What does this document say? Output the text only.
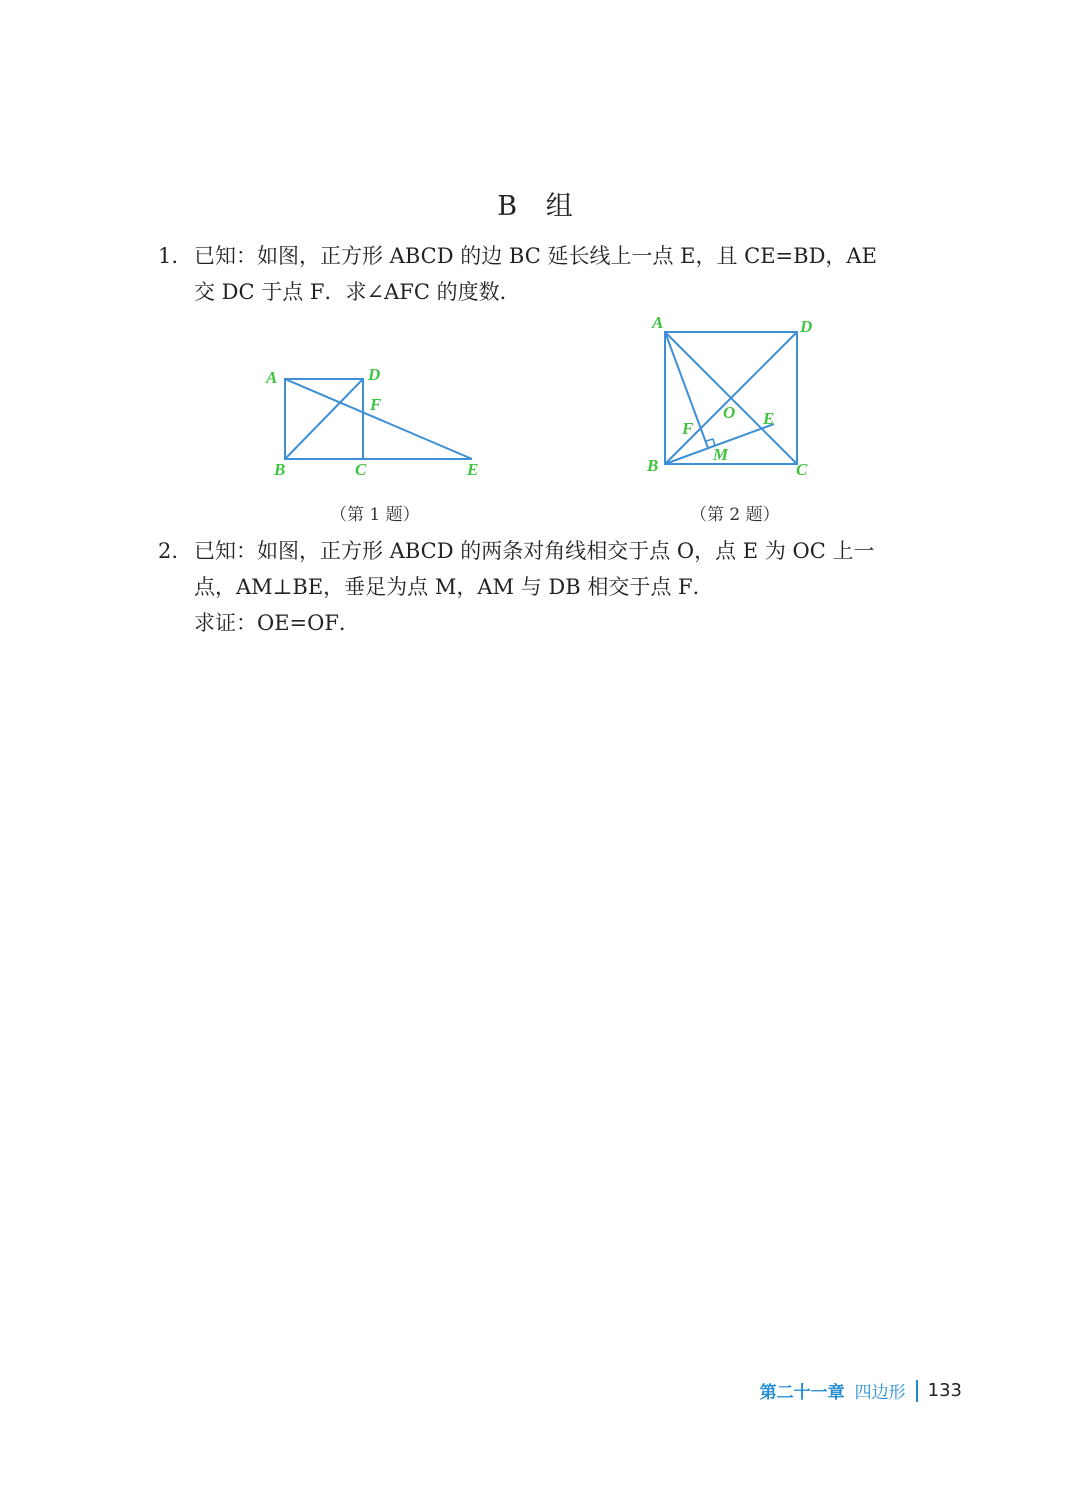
B 组
1. 已知：如图，正方形 ABCD 的边 BC 延长线上一点 E，且 CE=BD，AE

交 DC 于点 F．求∠AFC 的度数．

A	D
F
B	C	E
A	D
O E
F
M
B	C
（第 1 题）	（第 2 题）
2. 已知：如图，正方形 ABCD 的两条对角线相交于点 O，点 E 为 OC 上一

点，AM⊥BE，垂足为点 M，AM 与 DB 相交于点 F．

求证：OE=OF．

第二十一章 四边形 133
